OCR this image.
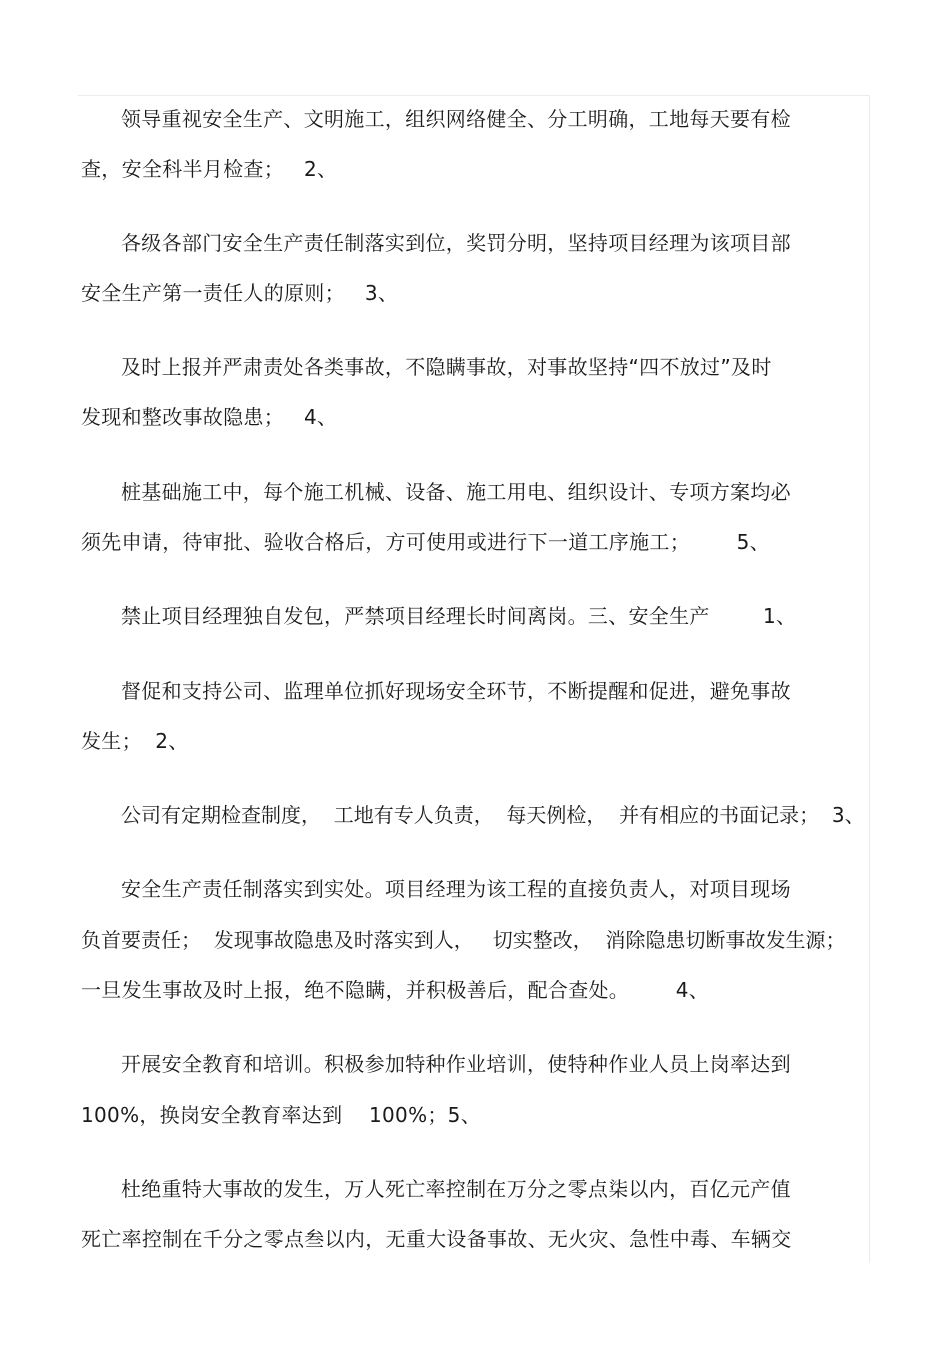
领导重视安全生产、文明施工，组织网络健全、分工明确，工地每天要有检
查，安全科半月检查；   2、
各级各部门安全生产责任制落实到位，奖罚分明，坚持项目经理为该项目部
安全生产第一责任人的原则；   3、
及时上报并严肃责处各类事故，不隐瞒事故，对事故坚持“四不放过”及时
发现和整改事故隐患；   4、
桩基础施工中，每个施工机械、设备、施工用电、组织设计、专项方案均必
须先申请，待审批、验收合格后，方可使用或进行下一道工序施工；       5、
禁止项目经理独自发包，严禁项目经理长时间离岗。三、安全生产        1、
督促和支持公司、监理单位抓好现场安全环节，不断提醒和促进，避免事故
发生；  2、
公司有定期检查制度，  工地有专人负责，  每天例检，  并有相应的书面记录；  3、
安全生产责任制落实到实处。项目经理为该工程的直接负责人，对项目现场
负首要责任；  发现事故隐患及时落实到人，   切实整改，  消除隐患切断事故发生源；
一旦发生事故及时上报，绝不隐瞒，并积极善后，配合查处。       4、
开展安全教育和培训。积极参加特种作业培训，使特种作业人员上岗率达到
100%，换岗安全教育率达到    100%；5、
杜绝重特大事故的发生，万人死亡率控制在万分之零点柒以内，百亿元产值
死亡率控制在千分之零点叁以内，无重大设备事故、无火灾、急性中毒、车辆交
